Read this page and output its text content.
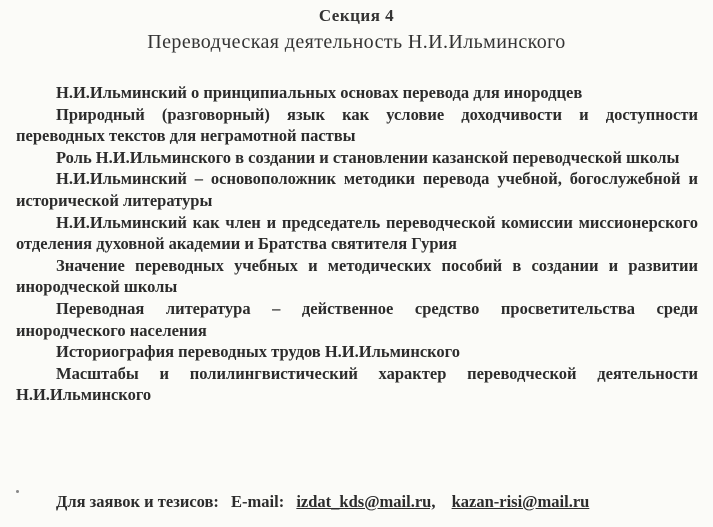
Секция 4
Переводческая деятельность Н.И.Ильминского
Н.И.Ильминский о принципиальных основах перевода для инородцев
Природный (разговорный) язык как условие доходчивости и доступности переводных текстов для неграмотной паствы
Роль Н.И.Ильминского в создании и становлении казанской переводческой школы
Н.И.Ильминский – основоположник методики перевода учебной, богослужебной и исторической литературы
Н.И.Ильминский как член и председатель переводческой комиссии миссионерского отделения духовной академии и Братства святителя Гурия
Значение переводных учебных и методических пособий в создании и развитии инородческой школы
Переводная литература – действенное средство просветительства среди инородческого населения
Историография переводных трудов Н.И.Ильминского
Масштабы и полилингвистический характер переводческой деятельности Н.И.Ильминского
Для заявок и тезисов: E-mail: izdat_kds@mail.ru, kazan-risi@mail.ru
